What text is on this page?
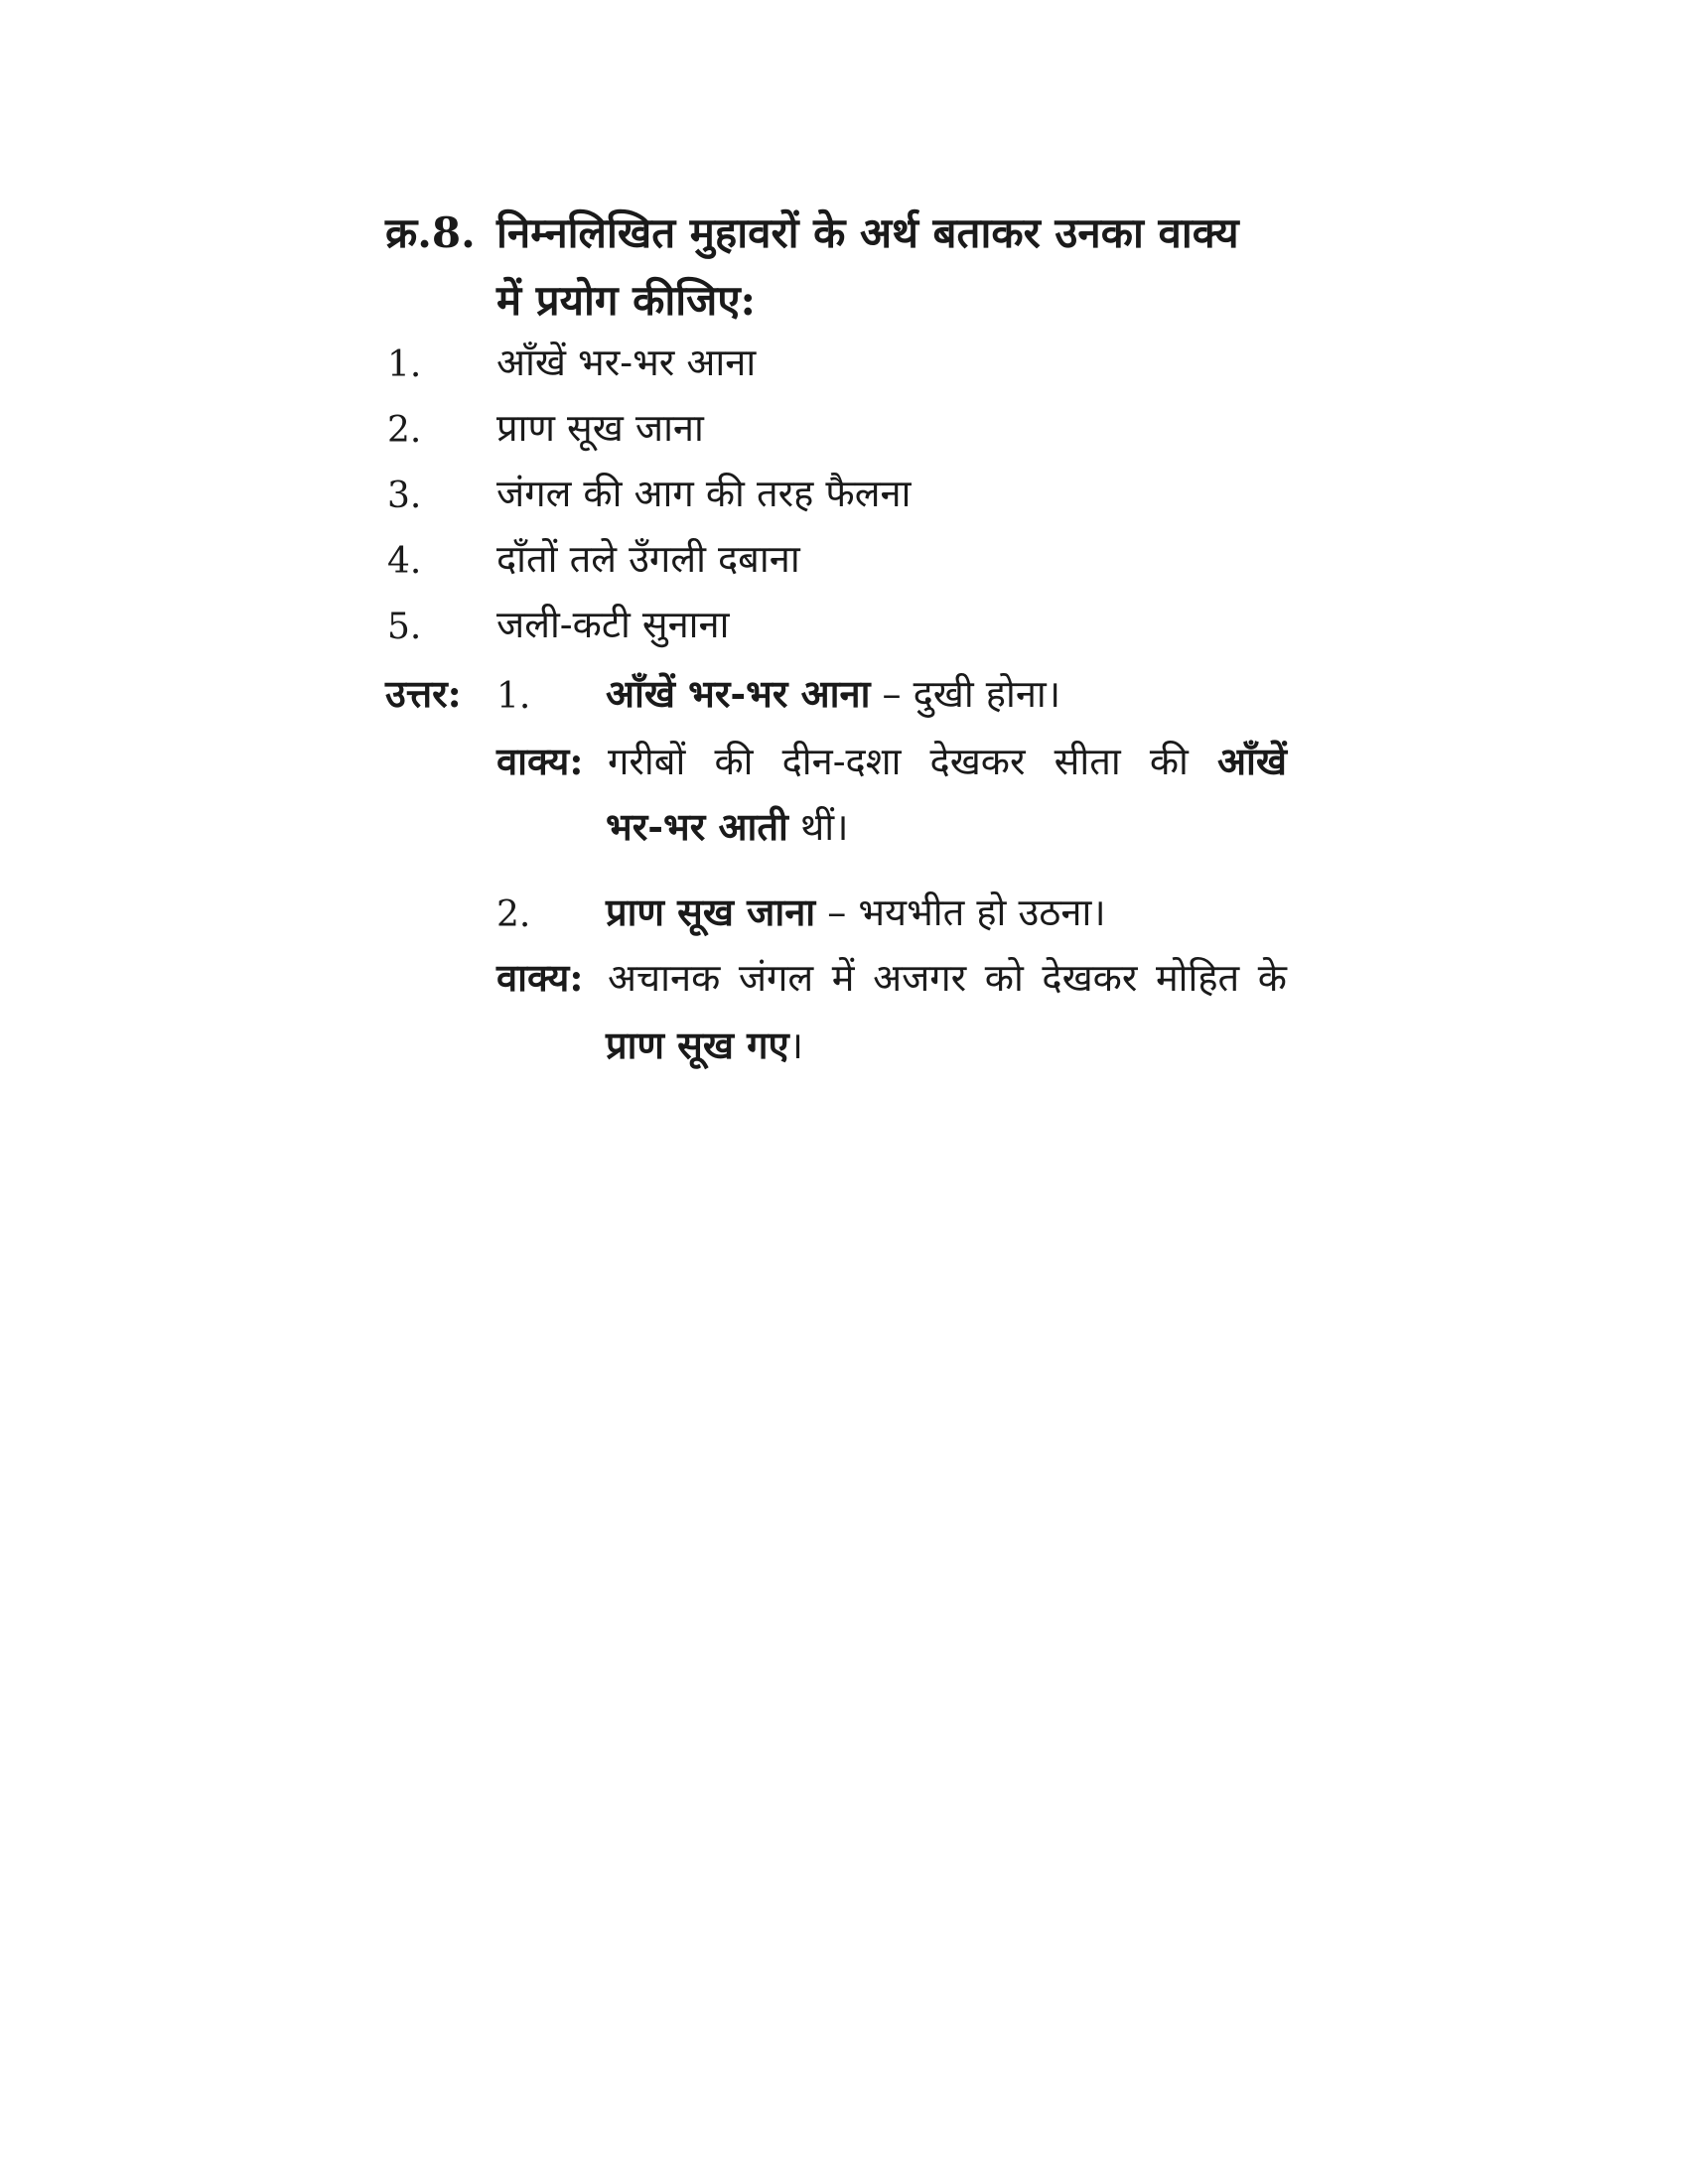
क्र.8. निम्नलिखित मुहावरों के अर्थ बताकर उनका वाक्य
में प्रयोग कीजिए:
1. आँखें भर-भर आना
2. प्राण सूख जाना
3. जंगल की आग की तरह फैलना
4. दाँतों तले उँगली दबाना
5. जली-कटी सुनाना
उत्तर: 1. आँखें भर-भर आना – दुखी होना।
वाक्य: गरीबों की दीन-दशा देखकर सीता की आँखें
भर-भर आती थीं।
2. प्राण सूख जाना – भयभीत हो उठना।
वाक्य: अचानक जंगल में अजगर को देखकर मोहित के
प्राण सूख गए।
